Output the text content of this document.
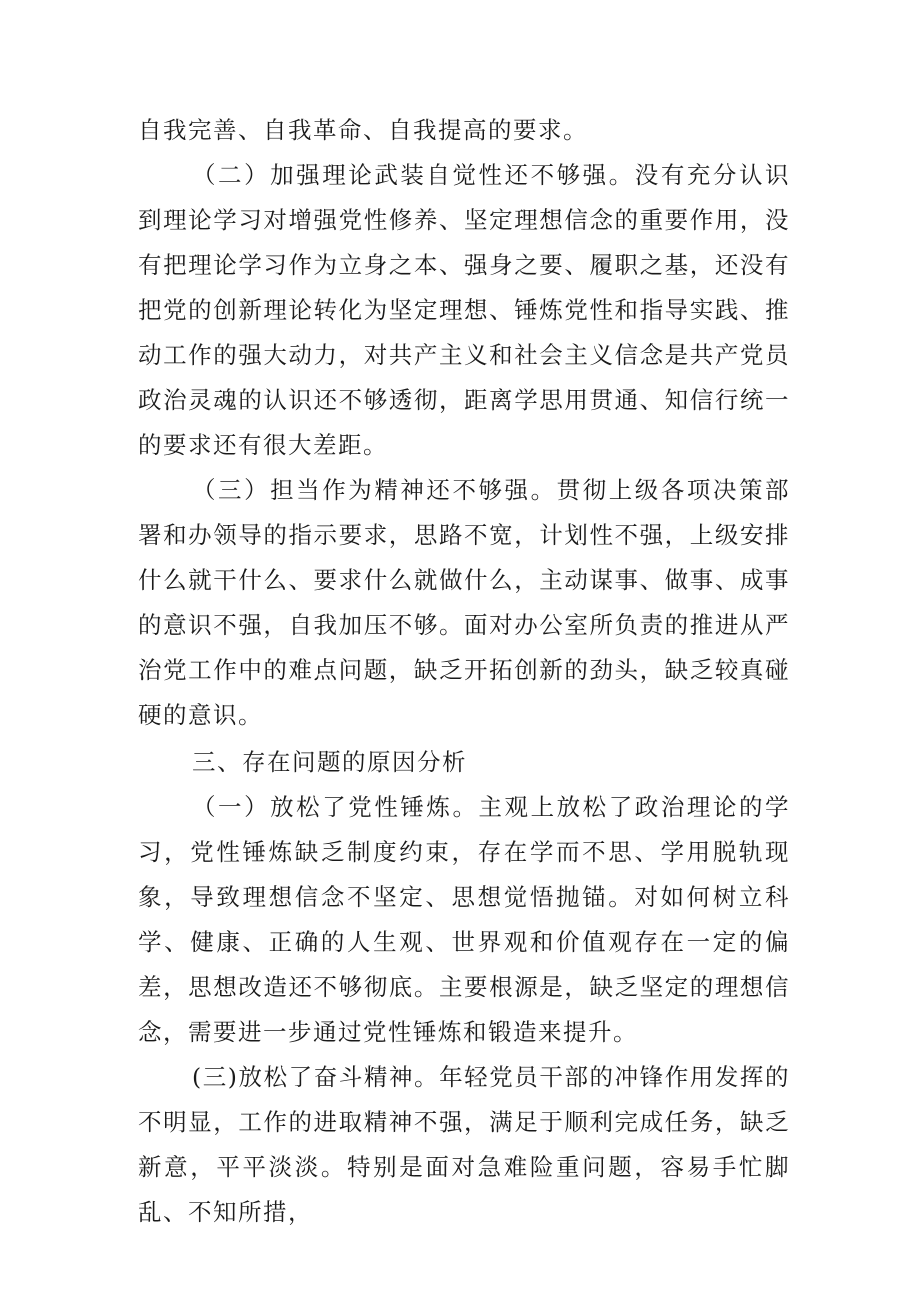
自我完善、自我革命、自我提高的要求。

（二）加强理论武装自觉性还不够强。没有充分认识到理论学习对增强党性修养、坚定理想信念的重要作用，没有把理论学习作为立身之本、强身之要、履职之基，还没有把党的创新理论转化为坚定理想、锤炼党性和指导实践、推动工作的强大动力，对共产主义和社会主义信念是共产党员政治灵魂的认识还不够透彻，距离学思用贯通、知信行统一的要求还有很大差距。

（三）担当作为精神还不够强。贯彻上级各项决策部署和办领导的指示要求，思路不宽，计划性不强，上级安排什么就干什么、要求什么就做什么，主动谋事、做事、成事的意识不强，自我加压不够。面对办公室所负责的推进从严治党工作中的难点问题，缺乏开拓创新的劲头，缺乏较真碰硬的意识。

三、存在问题的原因分析

（一）放松了党性锤炼。主观上放松了政治理论的学习，党性锤炼缺乏制度约束，存在学而不思、学用脱轨现象，导致理想信念不坚定、思想觉悟抛锚。对如何树立科学、健康、正确的人生观、世界观和价值观存在一定的偏差，思想改造还不够彻底。主要根源是，缺乏坚定的理想信念，需要进一步通过党性锤炼和锻造来提升。

(三)放松了奋斗精神。年轻党员干部的冲锋作用发挥的不明显，工作的进取精神不强，满足于顺利完成任务，缺乏新意，平平淡淡。特别是面对急难险重问题，容易手忙脚乱、不知所措，
